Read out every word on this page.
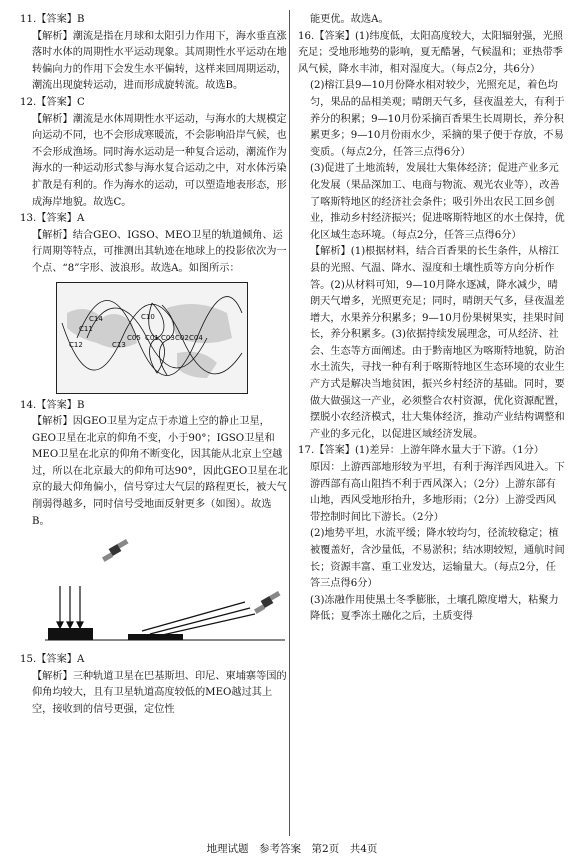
11.【答案】B
【解析】潮流是指在月球和太阳引力作用下，海水垂直涨落时水体的周期性水平运动现象。其周期性水平运动在地转偏向力的作用下会发生水平偏转，这样来回周期运动，潮流出现旋转运动，进而形成旋转流。故选B。

12.【答案】C
【解析】潮流是水体周期性水平运动，与海水的大规模定向运动不同，也不会形成寒暖流，不会影响沿岸气候，也不会形成渔场。同时海水运动是一种复合运动，潮流作为海水的一种运动形式参与海水复合运动之中，对水体污染扩散是有利的。作为海水的运动，可以塑造地表形态，形成海岸地貌。故选C。

13.【答案】A
【解析】结合GEO、IGSO、MEO卫星的轨道倾角、运行周期等特点，可推测出其轨迹在地球上的投影依次为一个点、“8”字形、波浪形。故选A。如图所示：

C11
C12	C13
C14	C10
C05 C01 C03 C02 C04

14.【答案】B
【解析】因GEO卫星为定点于赤道上空的静止卫星，GEO卫星在北京的仰角不变，小于90°；IGSO卫星和MEO卫星在北京的仰角不断变化，因其能从北京上空越过，所以在北京最大的仰角可达90°，因此GEO卫星在北京的最大仰角偏小，信号穿过大气层的路程更长，被大气削弱得越多，同时信号受地面反射更多（如图）。故选B。

15.【答案】A
【解析】三种轨道卫星在巴基斯坦、印尼、柬埔寨等国的仰角均较大，且有卫星轨道高度较低的MEO越过其上空，接收到的信号更强，定位性

能更优。故选A。

16.【答案】(1)纬度低，太阳高度较大，太阳辐射强，光照充足；受地形地势的影响，夏无酷暑，气候温和；亚热带季风气候，降水丰沛，相对湿度大。（每点2分，共6分）
(2)榕江县9—10月份降水相对较少，光照充足，着色均匀，果品的品相美观；晴朗天气多，昼夜温差大，有利于养分的积累；9—10月份采摘百香果生长周期长，养分积累更多；9—10月份雨水少，采摘的果子便于存放，不易变质。（每点2分，任答三点得6分）
(3)促进了土地流转，发展壮大集体经济；促进产业多元化发展（果品深加工、电商与物流、观光农业等），改善了喀斯特地区的经济社会条件；吸引外出农民工回乡创业，推动乡村经济振兴；促进喀斯特地区的水土保持，优化区域生态环境。（每点2分，任答三点得6分）
【解析】(1)根据材料，结合百香果的长生条件，从榕江县的光照、气温、降水、湿度和土壤性质等方向分析作答。(2)从材料可知，9—10月降水逐减，降水减少，晴朗天气增多，光照更充足；同时，晴朗天气多，昼夜温差增大，水果养分积累多；9—10月份果树果实，挂果时间长，养分积累多。(3)依据持续发展理念，可从经济、社会、生态等方面阐述。由于黔南地区为喀斯特地貌，防治水土流失，寻找一种有利于喀斯特地区生态环境的农业生产方式是解决当地贫困，振兴乡村经济的基础。同时，要做大做强这一产业，必须整合农村资源，优化资源配置，摆脱小农经济模式，壮大集体经济，推动产业结构调整和产业的多元化，以促进区域经济发展。

17.【答案】(1)差异：上游年降水量大于下游。（1分）
原因：上游西部地形较为平坦，有利于海洋西风进入。下游西部有高山阻挡不利于西风深入；（2分）上游东部有山地，西风受地形抬升，多地形雨；（2分）上游受西风带控制时间比下游长。（2分）
(2)地势平坦，水流平缓；降水较均匀，径流较稳定；植被覆盖好，含沙量低，不易淤积；结冰期较短，通航时间长；资源丰富、重工业发达，运输量大。（每点2分，任答三点得6分）
(3)冻融作用使黑土冬季膨胀，土壤孔隙度增大，粘聚力降低；夏季冻土融化之后，土质变得

地理试题　参考答案　第2页　共4页
